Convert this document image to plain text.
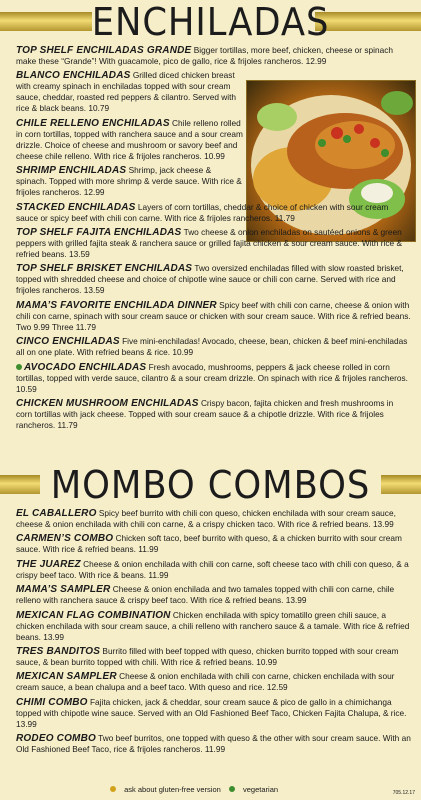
ENCHILADAS
TOP SHELF ENCHILADAS GRANDE Bigger tortillas, more beef, chicken, cheese or spinach make these “Grande”! With guacamole, pico de gallo, rice & frijoles rancheros. 12.99
BLANCO ENCHILADAS Grilled diced chicken breast with creamy spinach in enchiladas topped with sour cream sauce, cheddar, roasted red peppers & cilantro. Served with rice & black beans. 10.79
CHILE RELLENO ENCHILADAS Chile relleno rolled in corn tortillas, topped with ranchera sauce and a sour cream drizzle. Choice of cheese and mushroom or savory beef and cheese chile relleno. With rice & frijoles rancheros. 10.99
SHRIMP ENCHILADAS Shrimp, jack cheese & spinach. Topped with more shrimp & verde sauce. With rice & frijoles rancheros. 12.99
STACKED ENCHILADAS Layers of corn tortillas, cheddar & choice of chicken with sour cream sauce or spicy beef with chili con carne. With rice & frijoles rancheros. 11.79
TOP SHELF FAJITA ENCHILADAS Two cheese & onion enchiladas on sautéed onions & green peppers with grilled fajita steak & ranchera sauce or grilled fajita chicken & sour cream sauce. With rice & refried beans. 13.59
TOP SHELF BRISKET ENCHILADAS Two oversized enchiladas filled with slow roasted brisket, topped with shredded cheese and choice of chipotle wine sauce or chili con carne. Served with rice and frijoles rancheros. 13.59
MAMA’S FAVORITE ENCHILADA DINNER Spicy beef with chili con carne, cheese & onion with chili con carne, spinach with sour cream sauce or chicken with sour cream sauce. With rice & refried beans. Two 9.99 Three 11.79
CINCO ENCHILADAS Five mini-enchiladas! Avocado, cheese, bean, chicken & beef mini-enchiladas all on one plate. With refried beans & rice. 10.99
AVOCADO ENCHILADAS Fresh avocado, mushrooms, peppers & jack cheese rolled in corn tortillas, topped with verde sauce, cilantro & a sour cream drizzle. On spinach with rice & frijoles rancheros. 10.59
CHICKEN MUSHROOM ENCHILADAS Crispy bacon, fajita chicken and fresh mushrooms in corn tortillas with jack cheese. Topped with sour cream sauce & a chipotle drizzle. With rice & frijoles rancheros. 11.79
MOMBO COMBOS
EL CABALLERO Spicy beef burrito with chili con queso, chicken enchilada with sour cream sauce, cheese & onion enchilada with chili con carne, & a crispy chicken taco. With rice & refried beans. 13.99
CARMEN’S COMBO Chicken soft taco, beef burrito with queso, & a chicken burrito with sour cream sauce. With rice & refried beans. 11.99
THE JUAREZ Cheese & onion enchilada with chili con carne, soft cheese taco with chili con queso, & a crispy beef taco. With rice & beans. 11.99
MAMA’S SAMPLER Cheese & onion enchilada and two tamales topped with chili con carne, chile relleno with ranchera sauce & crispy beef taco. With rice & refried beans. 13.99
MEXICAN FLAG COMBINATION Chicken enchilada with spicy tomatillo green chili sauce, a chicken enchilada with sour cream sauce, a chili relleno with ranchero sauce & a tamale. With rice & refried beans. 13.99
TRES BANDITOS Burrito filled with beef topped with queso, chicken burrito topped with sour cream sauce, & bean burrito topped with chili. With rice & refried beans. 10.99
MEXICAN SAMPLER Cheese & onion enchilada with chili con carne, chicken enchilada with sour cream sauce, a bean chalupa and a beef taco. With queso and rice. 12.59
CHIMI COMBO Fajita chicken, jack & cheddar, sour cream sauce & pico de gallo in a chimichanga topped with chipotle wine sauce. Served with an Old Fashioned Beef Taco, Chicken Fajita Chalupa, & rice. 13.99
RODEO COMBO Two beef burritos, one topped with queso & the other with sour cream sauce. With an Old Fashioned Beef Taco, rice & frijoles rancheros. 11.99
ask about gluten-free version	vegetarian	705.12.17
